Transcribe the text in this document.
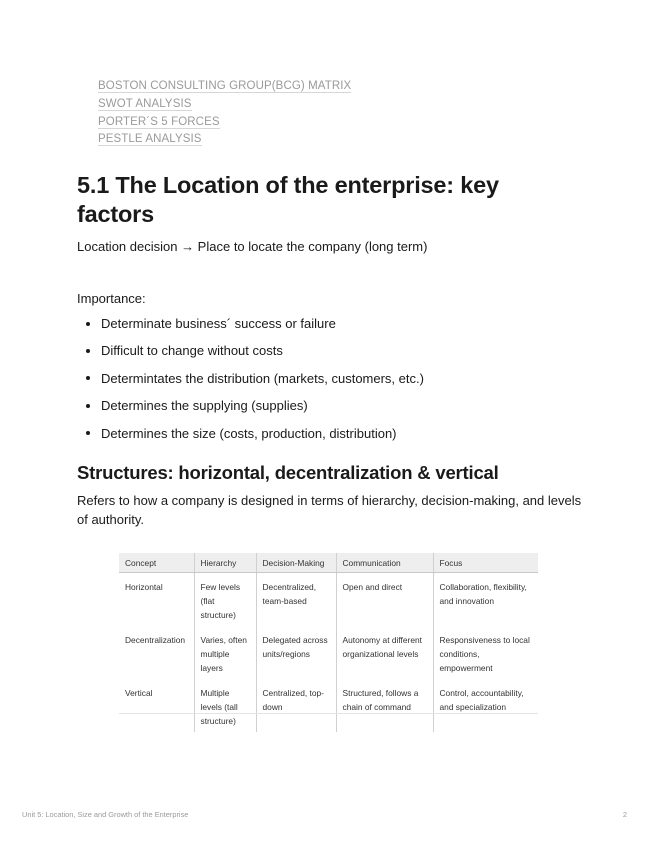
BOSTON CONSULTING GROUP(BCG) MATRIX
SWOT ANALYSIS
PORTER´S 5 FORCES
PESTLE ANALYSIS
5.1 The Location of the enterprise: key factors

Location decision → Place to locate the company (long term)

Importance:

Determinate business´ success or failure
Difficult to change without costs
Determintates the distribution (markets, customers, etc.)
Determines the supplying (supplies)
Determines the size (costs, production, distribution)
Structures: horizontal, decentralization & vertical

Refers to how a company is designed in terms of hierarchy, decision-making, and levels of authority.

Concept	Hierarchy	Decision-Making	Communication	Focus
Horizontal	Few levels (flat structure)	Decentralized, team-based	Open and direct	Collaboration, flexibility, and innovation
Decentralization	Varies, often multiple layers	Delegated across units/regions	Autonomy at different organizational levels	Responsiveness to local conditions, empowerment
Vertical	Multiple levels (tall structure)	Centralized, top-down	Structured, follows a chain of command	Control, accountability, and specialization
Unit 5: Location, Size and Growth of the Enterprise	2
